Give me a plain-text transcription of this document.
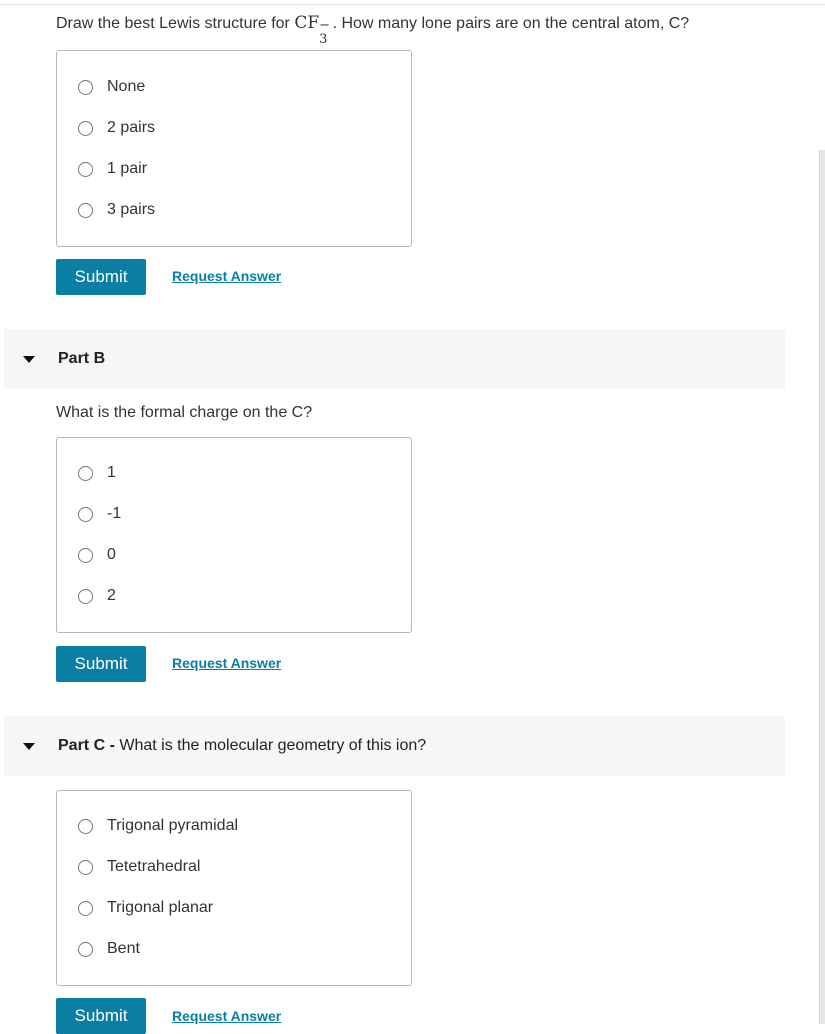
Draw the best Lewis structure for CF −
3
. How many lone pairs are on the central atom, C?
None
2 pairs
1 pair
3 pairs
Submit	Request Answer
Part B
What is the formal charge on the C?
1
-1
0
2
Submit	Request Answer
Part C - What is the molecular geometry of this ion?
Trigonal pyramidal
Tetetrahedral
Trigonal planar
Bent
Submit	Request Answer
